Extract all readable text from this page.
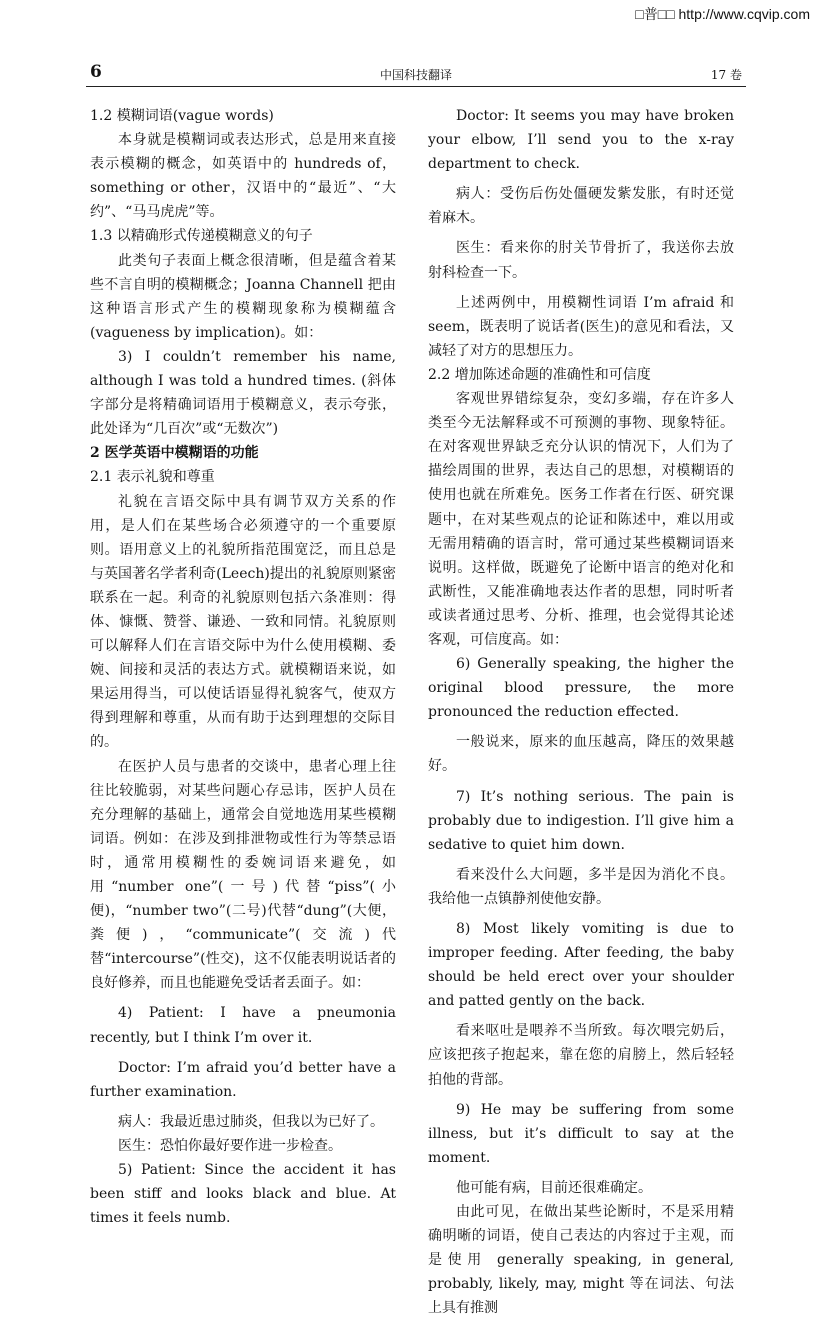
□普□□ http://www.cqvip.com
6	中国科技翻译	17 卷
1.2 模糊词语(vague words)
本身就是模糊词或表达形式，总是用来直接表示模糊的概念，如英语中的 hundreds of，something or other，汉语中的“最近”、“大约”、“马马虎虎”等。
1.3 以精确形式传递模糊意义的句子
此类句子表面上概念很清晰，但是蕴含着某些不言自明的模糊概念；Joanna Channell 把由这种语言形式产生的模糊现象称为模糊蕴含(vagueness by implication)。如：
3) I couldn’t remember his name, although I was told a hundred times. (斜体字部分是将精确词语用于模糊意义，表示夸张，此处译为“几百次”或“无数次”)
2 医学英语中模糊语的功能
2.1 表示礼貌和尊重
礼貌在言语交际中具有调节双方关系的作用，是人们在某些场合必须遵守的一个重要原则。语用意义上的礼貌所指范围宽泛，而且总是与英国著名学者利奇(Leech)提出的礼貌原则紧密联系在一起。利奇的礼貌原则包括六条准则：得体、慷慨、赞誉、谦逊、一致和同情。礼貌原则可以解释人们在言语交际中为什么使用模糊、委婉、间接和灵活的表达方式。就模糊语来说，如果运用得当，可以使话语显得礼貌客气，使双方得到理解和尊重，从而有助于达到理想的交际目的。
在医护人员与患者的交谈中，患者心理上往往比较脆弱，对某些问题心存忌讳，医护人员在充分理解的基础上，通常会自觉地选用某些模糊词语。例如：在涉及到排泄物或性行为等禁忌语时，通常用模糊性的委婉词语来避免，如用“number one”(一号)代替“piss”(小便)，“number two”(二号)代替“dung”(大便，粪便)，“communicate”(交流)代替“intercourse”(性交)，这不仅能表明说话者的良好修养，而且也能避免受话者丢面子。如：
4) Patient: I have a pneumonia recently, but I think I’m over it.
Doctor: I’m afraid you’d better have a further examination.
病人：我最近患过肺炎，但我以为已好了。
医生：恐怕你最好要作进一步检查。
5) Patient: Since the accident it has been stiff and looks black and blue. At times it feels numb.
Doctor: It seems you may have broken your elbow, I’ll send you to the x-ray department to check.
病人：受伤后伤处僵硬发紫发胀，有时还觉着麻木。
医生：看来你的肘关节骨折了，我送你去放射科检查一下。
上述两例中，用模糊性词语 I’m afraid 和 seem，既表明了说话者(医生)的意见和看法，又减轻了对方的思想压力。
2.2 增加陈述命题的准确性和可信度
客观世界错综复杂，变幻多端，存在许多人类至今无法解释或不可预测的事物、现象特征。在对客观世界缺乏充分认识的情况下，人们为了描绘周围的世界，表达自己的思想，对模糊语的使用也就在所难免。医务工作者在行医、研究课题中，在对某些观点的论证和陈述中，难以用或无需用精确的语言时，常可通过某些模糊词语来说明。这样做，既避免了论断中语言的绝对化和武断性，又能准确地表达作者的思想，同时听者或读者通过思考、分析、推理，也会觉得其论述客观，可信度高。如：
6) Generally speaking, the higher the original blood pressure, the more pronounced the reduction effected.
一般说来，原来的血压越高，降压的效果越好。
7) It’s nothing serious. The pain is probably due to indigestion. I’ll give him a sedative to quiet him down.
看来没什么大问题，多半是因为消化不良。我给他一点镇静剂使他安静。
8) Most likely vomiting is due to improper feeding. After feeding, the baby should be held erect over your shoulder and patted gently on the back.
看来呕吐是喂养不当所致。每次喂完奶后，应该把孩子抱起来，靠在您的肩膀上，然后轻轻拍他的背部。
9) He may be suffering from some illness, but it’s difficult to say at the moment.
他可能有病，目前还很难确定。
由此可见，在做出某些论断时，不是采用精确明晰的词语，使自己表达的内容过于主观，而是使用 generally speaking, in general, probably, likely, may, might 等在词法、句法上具有推测
